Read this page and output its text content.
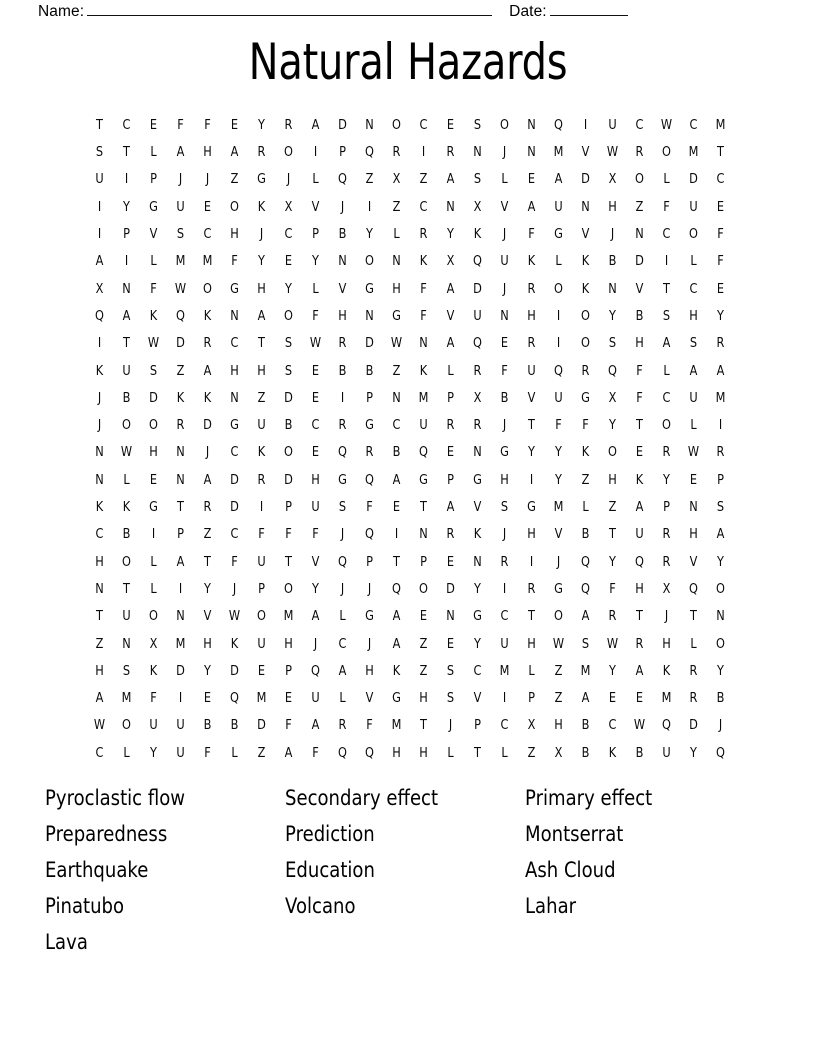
Name:	Date:
Natural Hazards
T	C	E	F	F	E	Y	R	A	D	N	O	C	E	S	O	N	Q	I	U	C	W	C	M
S	T	L	A	H	A	R	O	I	P	Q	R	I	R	N	J	N	M	V	W	R	O	M	T
U	I	P	J	J	Z	G	J	L	Q	Z	X	Z	A	S	L	E	A	D	X	O	L	D	C
I	Y	G	U	E	O	K	X	V	J	I	Z	C	N	X	V	A	U	N	H	Z	F	U	E
I	P	V	S	C	H	J	C	P	B	Y	L	R	Y	K	J	F	G	V	J	N	C	O	F
A	I	L	M	M	F	Y	E	Y	N	O	N	K	X	Q	U	K	L	K	B	D	I	L	F
X	N	F	W	O	G	H	Y	L	V	G	H	F	A	D	J	R	O	K	N	V	T	C	E
Q	A	K	Q	K	N	A	O	F	H	N	G	F	V	U	N	H	I	O	Y	B	S	H	Y
I	T	W	D	R	C	T	S	W	R	D	W	N	A	Q	E	R	I	O	S	H	A	S	R
K	U	S	Z	A	H	H	S	E	B	B	Z	K	L	R	F	U	Q	R	Q	F	L	A	A
J	B	D	K	K	N	Z	D	E	I	P	N	M	P	X	B	V	U	G	X	F	C	U	M
J	O	O	R	D	G	U	B	C	R	G	C	U	R	R	J	T	F	F	Y	T	O	L	I
N	W	H	N	J	C	K	O	E	Q	R	B	Q	E	N	G	Y	Y	K	O	E	R	W	R
N	L	E	N	A	D	R	D	H	G	Q	A	G	P	G	H	I	Y	Z	H	K	Y	E	P
K	K	G	T	R	D	I	P	U	S	F	E	T	A	V	S	G	M	L	Z	A	P	N	S
C	B	I	P	Z	C	F	F	F	J	Q	I	N	R	K	J	H	V	B	T	U	R	H	A
H	O	L	A	T	F	U	T	V	Q	P	T	P	E	N	R	I	J	Q	Y	Q	R	V	Y
N	T	L	I	Y	J	P	O	Y	J	J	Q	O	D	Y	I	R	G	Q	F	H	X	Q	O
T	U	O	N	V	W	O	M	A	L	G	A	E	N	G	C	T	O	A	R	T	J	T	N
Z	N	X	M	H	K	U	H	J	C	J	A	Z	E	Y	U	H	W	S	W	R	H	L	O
H	S	K	D	Y	D	E	P	Q	A	H	K	Z	S	C	M	L	Z	M	Y	A	K	R	Y
A	M	F	I	E	Q	M	E	U	L	V	G	H	S	V	I	P	Z	A	E	E	M	R	B
W	O	U	U	B	B	D	F	A	R	F	M	T	J	P	C	X	H	B	C	W	Q	D	J
C	L	Y	U	F	L	Z	A	F	Q	Q	H	H	L	T	L	Z	X	B	K	B	U	Y	Q
Pyroclastic flow
Preparedness
Earthquake
Pinatubo
Lava
Secondary effect
Prediction
Education
Volcano
Primary effect
Montserrat
Ash Cloud
Lahar
